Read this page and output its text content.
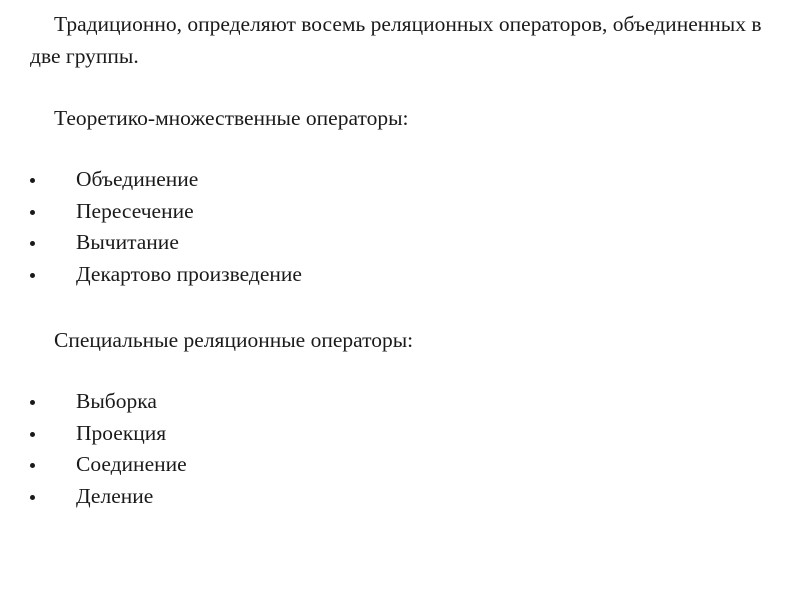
Традиционно, определяют восемь реляционных операторов, объединенных в две группы.

Теоретико-множественные операторы:

Объединение
Пересечение
Вычитание
Декартово произведение

Специальные реляционные операторы:

Выборка
Проекция
Соединение
Деление
